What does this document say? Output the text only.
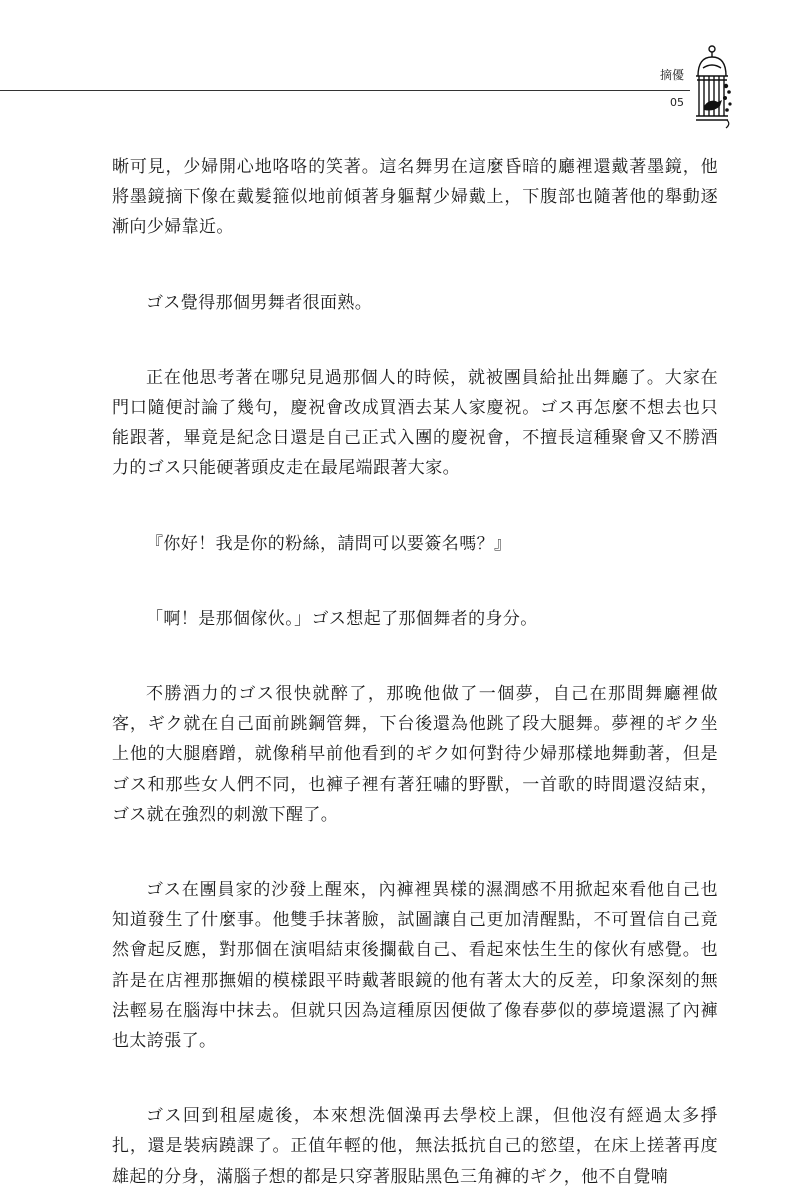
摘優
05

晰可見，少婦開心地咯咯的笑著。這名舞男在這麼昏暗的廳裡還戴著墨鏡，他將墨鏡摘下像在戴髮箍似地前傾著身軀幫少婦戴上，下腹部也隨著他的舉動逐漸向少婦靠近。

ゴス覺得那個男舞者很面熟。

正在他思考著在哪兒見過那個人的時候，就被團員給扯出舞廳了。大家在門口隨便討論了幾句，慶祝會改成買酒去某人家慶祝。ゴス再怎麼不想去也只能跟著，畢竟是紀念日還是自己正式入團的慶祝會，不擅長這種聚會又不勝酒力的ゴス只能硬著頭皮走在最尾端跟著大家。

『你好！我是你的粉絲，請問可以要簽名嗎？』

「啊！是那個傢伙。」ゴス想起了那個舞者的身分。

不勝酒力的ゴス很快就醉了，那晚他做了一個夢，自己在那間舞廳裡做客，ギク就在自己面前跳鋼管舞，下台後還為他跳了段大腿舞。夢裡的ギク坐上他的大腿磨蹭，就像稍早前他看到的ギク如何對待少婦那樣地舞動著，但是ゴス和那些女人們不同，也褲子裡有著狂嘯的野獸，一首歌的時間還沒結束，ゴス就在強烈的刺激下醒了。

ゴス在團員家的沙發上醒來，內褲裡異樣的濕潤感不用掀起來看他自己也知道發生了什麼事。他雙手抹著臉，試圖讓自己更加清醒點，不可置信自己竟然會起反應，對那個在演唱結束後攔截自己、看起來怯生生的傢伙有感覺。也許是在店裡那撫媚的模樣跟平時戴著眼鏡的他有著太大的反差，印象深刻的無法輕易在腦海中抹去。但就只因為這種原因便做了像春夢似的夢境還濕了內褲也太誇張了。

ゴス回到租屋處後，本來想洗個澡再去學校上課，但他沒有經過太多掙扎，還是裝病蹺課了。正值年輕的他，無法抵抗自己的慾望，在床上搓著再度雄起的分身，滿腦子想的都是只穿著服貼黑色三角褲的ギク，他不自覺喃
